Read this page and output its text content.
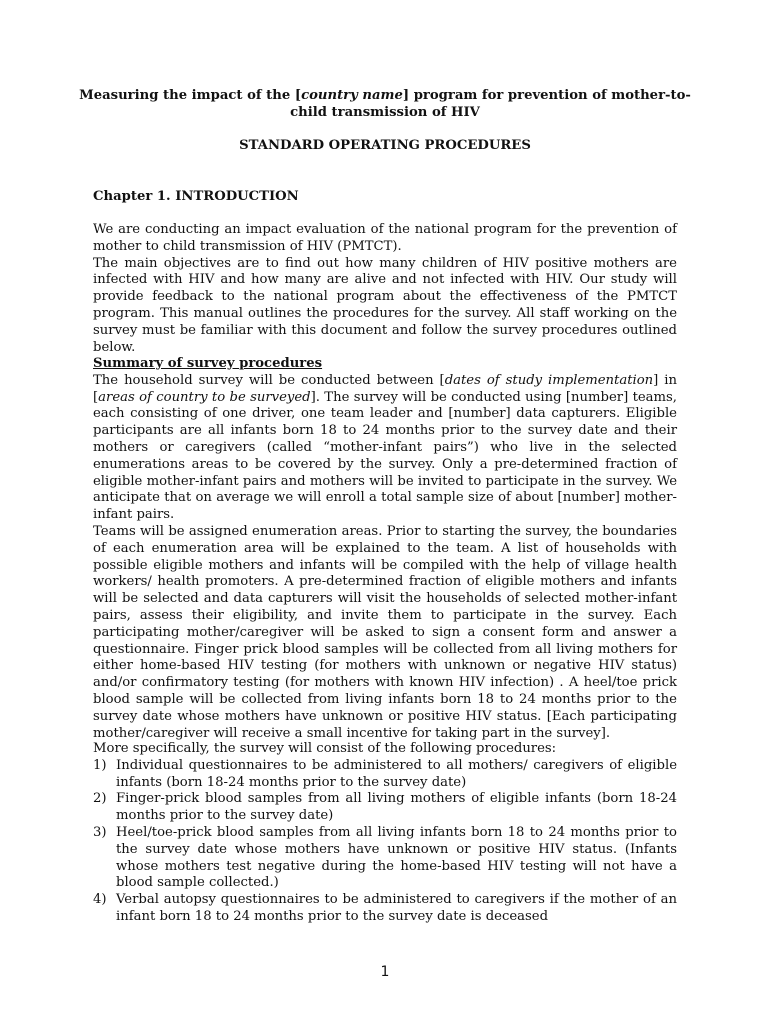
Measuring the impact of the [country name] program for prevention of mother-to-child transmission of HIV
STANDARD OPERATING PROCEDURES
Chapter 1. INTRODUCTION

We are conducting an impact evaluation of the national program for the prevention of mother to child transmission of HIV (PMTCT).

The main objectives are to find out how many children of HIV positive mothers are infected with HIV and how many are alive and not infected with HIV. Our study will provide feedback to the national program about the effectiveness of the PMTCT program. This manual outlines the procedures for the survey. All staff working on the survey must be familiar with this document and follow the survey procedures outlined below.

Summary of survey procedures

The household survey will be conducted between [dates of study implementation] in [areas of country to be surveyed]. The survey will be conducted using [number] teams, each consisting of one driver, one team leader and [number] data capturers. Eligible participants are all infants born 18 to 24 months prior to the survey date and their mothers or caregivers (called “mother-infant pairs”) who live in the selected enumerations areas to be covered by the survey. Only a pre-determined fraction of eligible mother-infant pairs and mothers will be invited to participate in the survey. We anticipate that on average we will enroll a total sample size of about [number] mother-infant pairs.

Teams will be assigned enumeration areas. Prior to starting the survey, the boundaries of each enumeration area will be explained to the team. A list of households with possible eligible mothers and infants will be compiled with the help of village health workers/ health promoters. A pre-determined fraction of eligible mothers and infants will be selected and data capturers will visit the households of selected mother-infant pairs, assess their eligibility, and invite them to participate in the survey. Each participating mother/caregiver will be asked to sign a consent form and answer a questionnaire. Finger prick blood samples will be collected from all living mothers for either home-based HIV testing (for mothers with unknown or negative HIV status) and/or confirmatory testing (for mothers with known HIV infection) . A heel/toe prick blood sample will be collected from living infants born 18 to 24 months prior to the survey date whose mothers have unknown or positive HIV status. [Each participating mother/caregiver will receive a small incentive for taking part in the survey].

More specifically, the survey will consist of the following procedures:

1) Individual questionnaires to be administered to all mothers/ caregivers of eligible infants (born 18-24 months prior to the survey date)
2) Finger-prick blood samples from all living mothers of eligible infants (born 18-24 months prior to the survey date)
3) Heel/toe-prick blood samples from all living infants born 18 to 24 months prior to the survey date whose mothers have unknown or positive HIV status. (Infants whose mothers test negative during the home-based HIV testing will not have a blood sample collected.)
4) Verbal autopsy questionnaires to be administered to caregivers if the mother of an infant born 18 to 24 months prior to the survey date is deceased
1
